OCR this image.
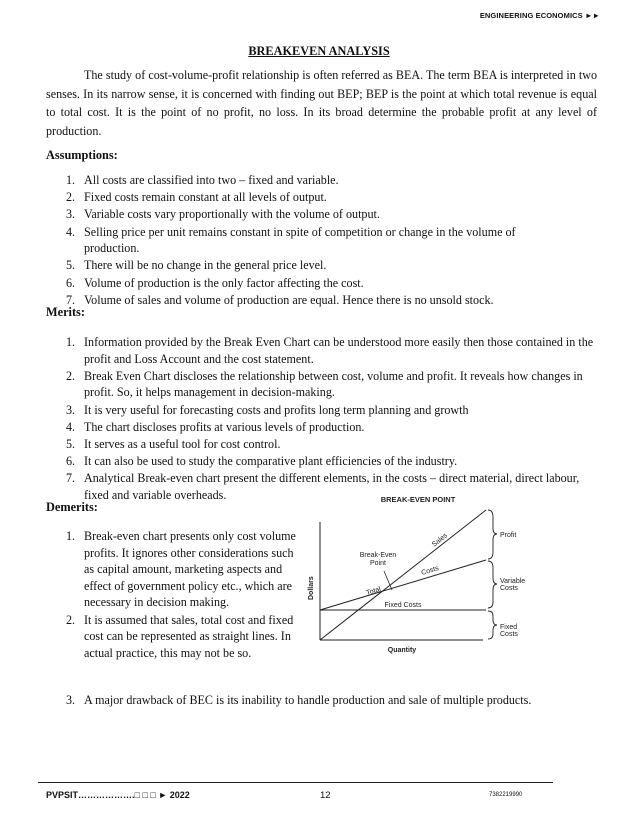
ENGINEERING ECONOMICS ►►
BREAKEVEN ANALYSIS

The study of cost-volume-profit relationship is often referred as BEA. The term BEA is interpreted in two senses. In its narrow sense, it is concerned with finding out BEP; BEP is the point at which total revenue is equal to total cost. It is the point of no profit, no loss. In its broad determine the probable profit at any level of production.

Assumptions:
1. All costs are classified into two – fixed and variable.
2. Fixed costs remain constant at all levels of output.
3. Variable costs vary proportionally with the volume of output.
4. Selling price per unit remains constant in spite of competition or change in the volume of production.
5. There will be no change in the general price level.
6. Volume of production is the only factor affecting the cost.
7. Volume of sales and volume of production are equal. Hence there is no unsold stock.
Merits:
1. Information provided by the Break Even Chart can be understood more easily then those contained in the profit and Loss Account and the cost statement.
2. Break Even Chart discloses the relationship between cost, volume and profit. It reveals how changes in profit. So, it helps management in decision-making.
3. It is very useful for forecasting costs and profits long term planning and growth
4. The chart discloses profits at various levels of production.
5. It serves as a useful tool for cost control.
6. It can also be used to study the comparative plant efficiencies of the industry.
7. Analytical Break-even chart present the different elements, in the costs – direct material, direct labour, fixed and variable overheads.
Demerits:
1. Break-even chart presents only cost volume profits. It ignores other considerations such as capital amount, marketing aspects and effect of government policy etc., which are necessary in decision making.
2. It is assumed that sales, total cost and fixed cost can be represented as straight lines. In actual practice, this may not be so.
3. A major drawback of BEC is its inability to handle production and sale of multiple products.
BREAK-EVEN POINT
Dollars
Quantity
Break-Even
Point
Sales
Costs
Total
Fixed Costs
Profit
Variable
Costs
Fixed
Costs
PVPSIT……………….□ □ □ ► 2022	12	7382219990
